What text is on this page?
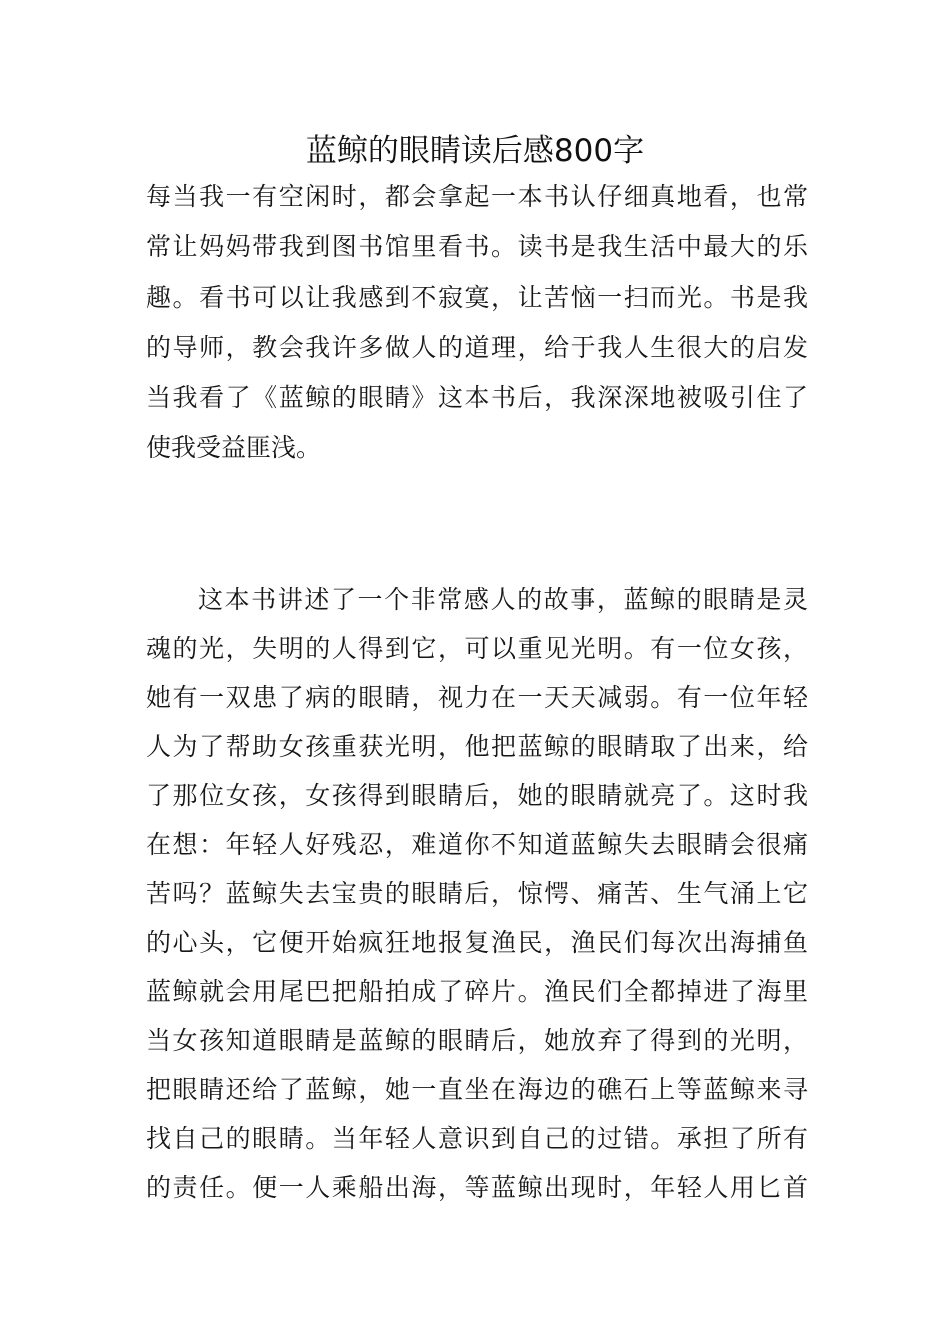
蓝鲸的眼睛读后感800字
每当我一有空闲时，都会拿起一本书认仔细真地看，也常
常让妈妈带我到图书馆里看书。读书是我生活中最大的乐
趣。看书可以让我感到不寂寞，让苦恼一扫而光。书是我
的导师，教会我许多做人的道理，给于我人生很大的启发
当我看了《蓝鲸的眼睛》这本书后，我深深地被吸引住了
使我受益匪浅。
这本书讲述了一个非常感人的故事，蓝鲸的眼睛是灵
魂的光，失明的人得到它，可以重见光明。有一位女孩，
她有一双患了病的眼睛，视力在一天天减弱。有一位年轻
人为了帮助女孩重获光明，他把蓝鲸的眼睛取了出来，给
了那位女孩，女孩得到眼睛后，她的眼睛就亮了。这时我
在想：年轻人好残忍，难道你不知道蓝鲸失去眼睛会很痛
苦吗？蓝鲸失去宝贵的眼睛后，惊愕、痛苦、生气涌上它
的心头，它便开始疯狂地报复渔民，渔民们每次出海捕鱼
蓝鲸就会用尾巴把船拍成了碎片。渔民们全都掉进了海里
当女孩知道眼睛是蓝鲸的眼睛后，她放弃了得到的光明，
把眼睛还给了蓝鲸，她一直坐在海边的礁石上等蓝鲸来寻
找自己的眼睛。当年轻人意识到自己的过错。承担了所有
的责任。便一人乘船出海，等蓝鲸出现时，年轻人用匕首
